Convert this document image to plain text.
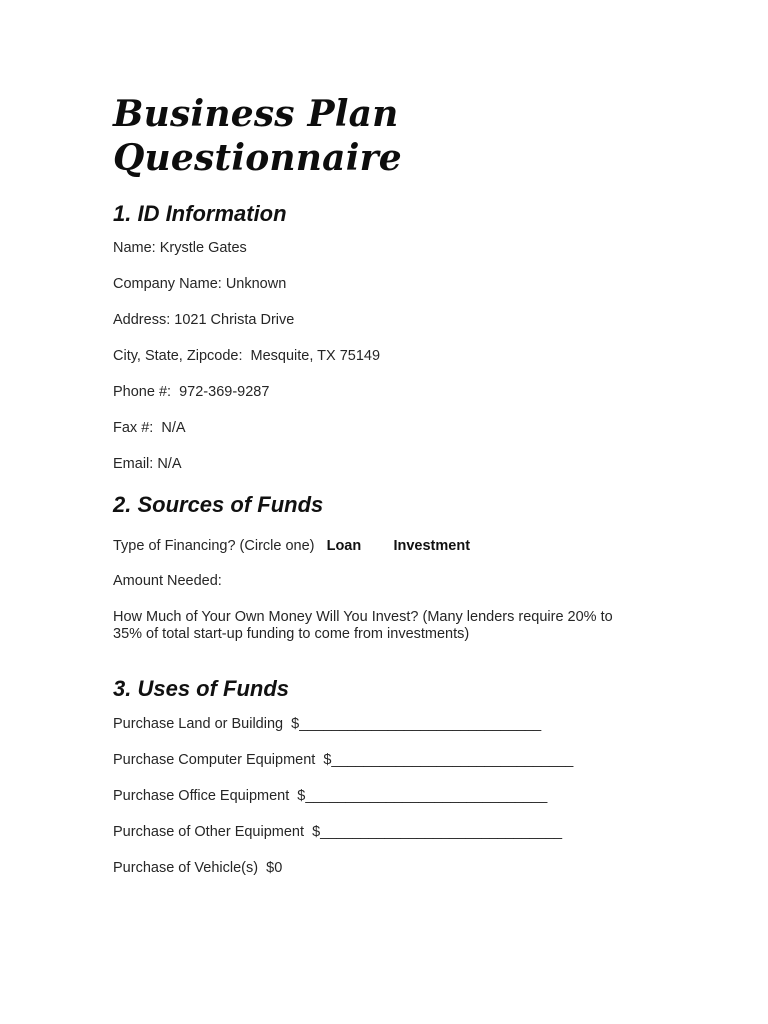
Business Plan
Questionnaire
1. ID Information

Name: Krystle Gates

Company Name: Unknown

Address: 1021 Christa Drive

City, State, Zipcode:  Mesquite, TX 75149

Phone #:  972-369-9287

Fax #:  N/A

Email: N/A

2. Sources of Funds

Type of Financing? (Circle one) Loan Investment

Amount Needed:

How Much of Your Own Money Will You Invest? (Many lenders require 20% to 35% of total start-up funding to come from investments)

3. Uses of Funds

Purchase Land or Building  $______________________________

Purchase Computer Equipment  $______________________________

Purchase Office Equipment  $______________________________

Purchase of Other Equipment  $______________________________

Purchase of Vehicle(s)  $0
